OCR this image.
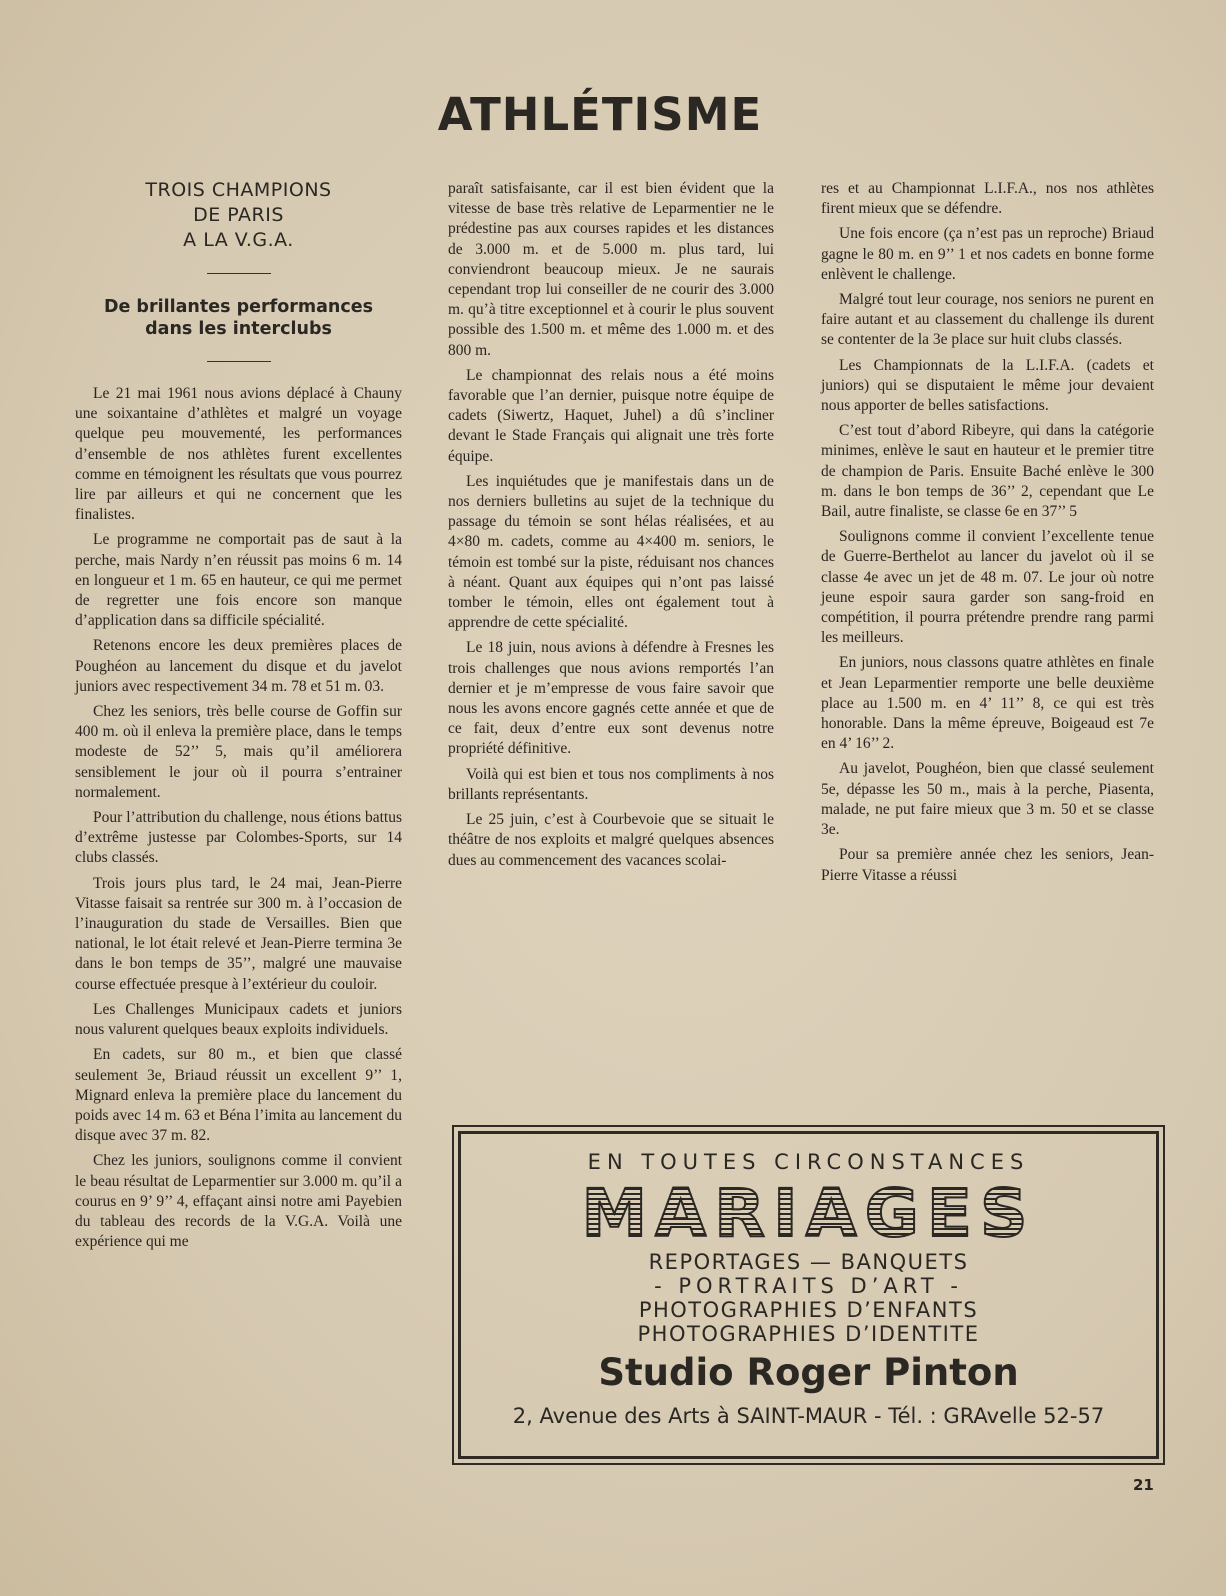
ATHLÉTISME
TROIS CHAMPIONS
DE PARIS
A LA V.G.A.
De brillantes performances
dans les interclubs

Le 21 mai 1961 nous avions déplacé à Chauny une soixantaine d’athlètes et malgré un voyage quelque peu mouvementé, les performances d’ensemble de nos athlètes furent excellentes comme en témoignent les résultats que vous pourrez lire par ailleurs et qui ne concernent que les finalistes.

Le programme ne comportait pas de saut à la perche, mais Nardy n’en réussit pas moins 6 m. 14 en longueur et 1 m. 65 en hauteur, ce qui me permet de regretter une fois encore son manque d’application dans sa difficile spécialité.

Retenons encore les deux premières places de Poughéon au lancement du disque et du javelot juniors avec respectivement 34 m. 78 et 51 m. 03.

Chez les seniors, très belle course de Goffin sur 400 m. où il enleva la première place, dans le temps modeste de 52’’ 5, mais qu’il améliorera sensiblement le jour où il pourra s’entrainer normalement.

Pour l’attribution du challenge, nous étions battus d’extrême justesse par Colombes-Sports, sur 14 clubs classés.

Trois jours plus tard, le 24 mai, Jean-Pierre Vitasse faisait sa rentrée sur 300 m. à l’occasion de l’inauguration du stade de Versailles. Bien que national, le lot était relevé et Jean-Pierre termina 3e dans le bon temps de 35’’, malgré une mauvaise course effectuée presque à l’extérieur du couloir.

Les Challenges Municipaux cadets et juniors nous valurent quelques beaux exploits individuels.

En cadets, sur 80 m., et bien que classé seulement 3e, Briaud réussit un excellent 9’’ 1, Mignard enleva la première place du lancement du poids avec 14 m. 63 et Béna l’imita au lancement du disque avec 37 m. 82.

Chez les juniors, soulignons comme il convient le beau résultat de Leparmentier sur 3.000 m. qu’il a courus en 9’ 9’’ 4, effaçant ainsi notre ami Payebien du tableau des records de la V.G.A. Voilà une expérience qui me

paraît satisfaisante, car il est bien évident que la vitesse de base très relative de Leparmentier ne le prédestine pas aux courses rapides et les distances de 3.000 m. et de 5.000 m. plus tard, lui conviendront beaucoup mieux. Je ne saurais cependant trop lui conseiller de ne courir des 3.000 m. qu’à titre exceptionnel et à courir le plus souvent possible des 1.500 m. et même des 1.000 m. et des 800 m.

Le championnat des relais nous a été moins favorable que l’an dernier, puisque notre équipe de cadets (Siwertz, Haquet, Juhel) a dû s’incliner devant le Stade Français qui alignait une très forte équipe.

Les inquiétudes que je manifestais dans un de nos derniers bulletins au sujet de la technique du passage du témoin se sont hélas réalisées, et au 4×80 m. cadets, comme au 4×400 m. seniors, le témoin est tombé sur la piste, réduisant nos chances à néant. Quant aux équipes qui n’ont pas laissé tomber le témoin, elles ont également tout à apprendre de cette spécialité.

Le 18 juin, nous avions à défendre à Fresnes les trois challenges que nous avions remportés l’an dernier et je m’empresse de vous faire savoir que nous les avons encore gagnés cette année et que de ce fait, deux d’entre eux sont devenus notre propriété définitive.

Voilà qui est bien et tous nos compliments à nos brillants représentants.

Le 25 juin, c’est à Courbevoie que se situait le théâtre de nos exploits et malgré quelques absences dues au commencement des vacances scolai-

res et au Championnat L.I.F.A., nos nos athlètes firent mieux que se défendre.

Une fois encore (ça n’est pas un reproche) Briaud gagne le 80 m. en 9’’ 1 et nos cadets en bonne forme enlèvent le challenge.

Malgré tout leur courage, nos seniors ne purent en faire autant et au classement du challenge ils durent se contenter de la 3e place sur huit clubs classés.

Les Championnats de la L.I.F.A. (cadets et juniors) qui se disputaient le même jour devaient nous apporter de belles satisfactions.

C’est tout d’abord Ribeyre, qui dans la catégorie minimes, enlève le saut en hauteur et le premier titre de champion de Paris. Ensuite Baché enlève le 300 m. dans le bon temps de 36’’ 2, cependant que Le Bail, autre finaliste, se classe 6e en 37’’ 5

Soulignons comme il convient l’excellente tenue de Guerre-Berthelot au lancer du javelot où il se classe 4e avec un jet de 48 m. 07. Le jour où notre jeune espoir saura garder son sang-froid en compétition, il pourra prétendre prendre rang parmi les meilleurs.

En juniors, nous classons quatre athlètes en finale et Jean Leparmentier remporte une belle deuxième place au 1.500 m. en 4’ 11’’ 8, ce qui est très honorable. Dans la même épreuve, Boigeaud est 7e en 4’ 16’’ 2.

Au javelot, Poughéon, bien que classé seulement 5e, dépasse les 50 m., mais à la perche, Piasenta, malade, ne put faire mieux que 3 m. 50 et se classe 3e.

Pour sa première année chez les seniors, Jean-Pierre Vitasse a réussi

EN TOUTES CIRCONSTANCES
MARIAGES
REPORTAGES — BANQUETS
- PORTRAITS D’ART -
PHOTOGRAPHIES D’ENFANTS
PHOTOGRAPHIES D’IDENTITE
Studio Roger Pinton
2, Avenue des Arts à SAINT-MAUR - Tél. : GRAvelle 52-57
21
